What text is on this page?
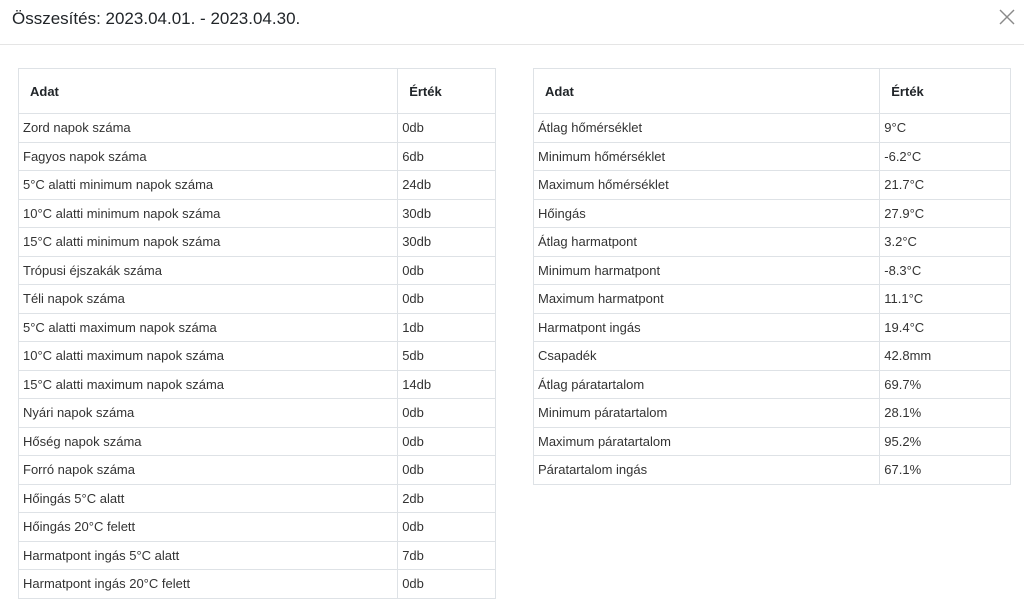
Összesítés: 2023.04.01. - 2023.04.30.
Adat	Érték
Zord napok száma	0db
Fagyos napok száma	6db
5°C alatti minimum napok száma	24db
10°C alatti minimum napok száma	30db
15°C alatti minimum napok száma	30db
Trópusi éjszakák száma	0db
Téli napok száma	0db
5°C alatti maximum napok száma	1db
10°C alatti maximum napok száma	5db
15°C alatti maximum napok száma	14db
Nyári napok száma	0db
Hőség napok száma	0db
Forró napok száma	0db
Hőingás 5°C alatt	2db
Hőingás 20°C felett	0db
Harmatpont ingás 5°C alatt	7db
Harmatpont ingás 20°C felett	0db
Adat	Érték
Átlag hőmérséklet	9°C
Minimum hőmérséklet	-6.2°C
Maximum hőmérséklet	21.7°C
Hőingás	27.9°C
Átlag harmatpont	3.2°C
Minimum harmatpont	-8.3°C
Maximum harmatpont	11.1°C
Harmatpont ingás	19.4°C
Csapadék	42.8mm
Átlag páratartalom	69.7%
Minimum páratartalom	28.1%
Maximum páratartalom	95.2%
Páratartalom ingás	67.1%
